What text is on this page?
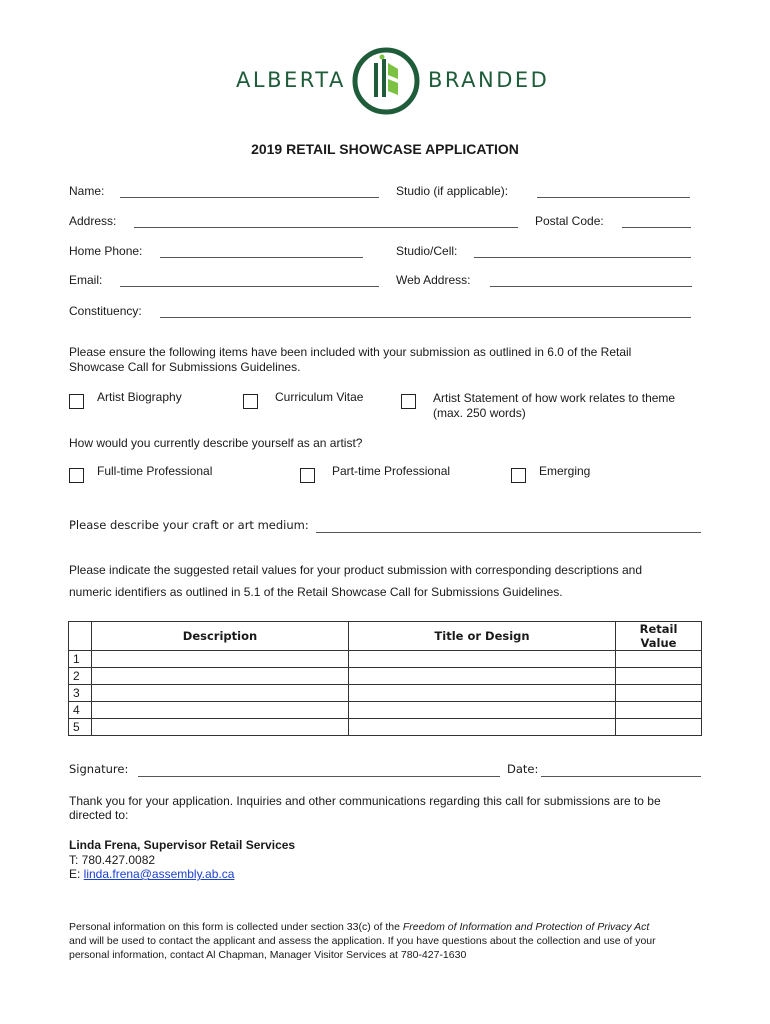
ALBERTA	BRANDED
2019 RETAIL SHOWCASE APPLICATION
Name:	Studio (if applicable):
Address:	Postal Code:
Home Phone:	Studio/Cell:
Email:	Web Address:
Constituency:
Please ensure the following items have been included with your submission as outlined in 6.0 of the Retail Showcase Call for Submissions Guidelines.
Artist Biography	Curriculum Vitae	Artist Statement of how work relates to theme
(max. 250 words)
How would you currently describe yourself as an artist?
Full-time Professional	Part-time Professional	Emerging
Please describe your craft or art medium:
Please indicate the suggested retail values for your product submission with corresponding descriptions and
numeric identifiers as outlined in 5.1 of the Retail Showcase Call for Submissions Guidelines.
	Description	Title or Design	Retail Value
1			
2			
3			
4			
5			
Signature:	Date:
Thank you for your application. Inquiries and other communications regarding this call for submissions are to be
directed to:
Linda Frena, Supervisor Retail Services
T: 780.427.0082
E: linda.frena@assembly.ab.ca
Personal information on this form is collected under section 33(c) of the Freedom of Information and Protection of Privacy Act
and will be used to contact the applicant and assess the application. If you have questions about the collection and use of your
personal information, contact Al Chapman, Manager Visitor Services at 780-427-1630
